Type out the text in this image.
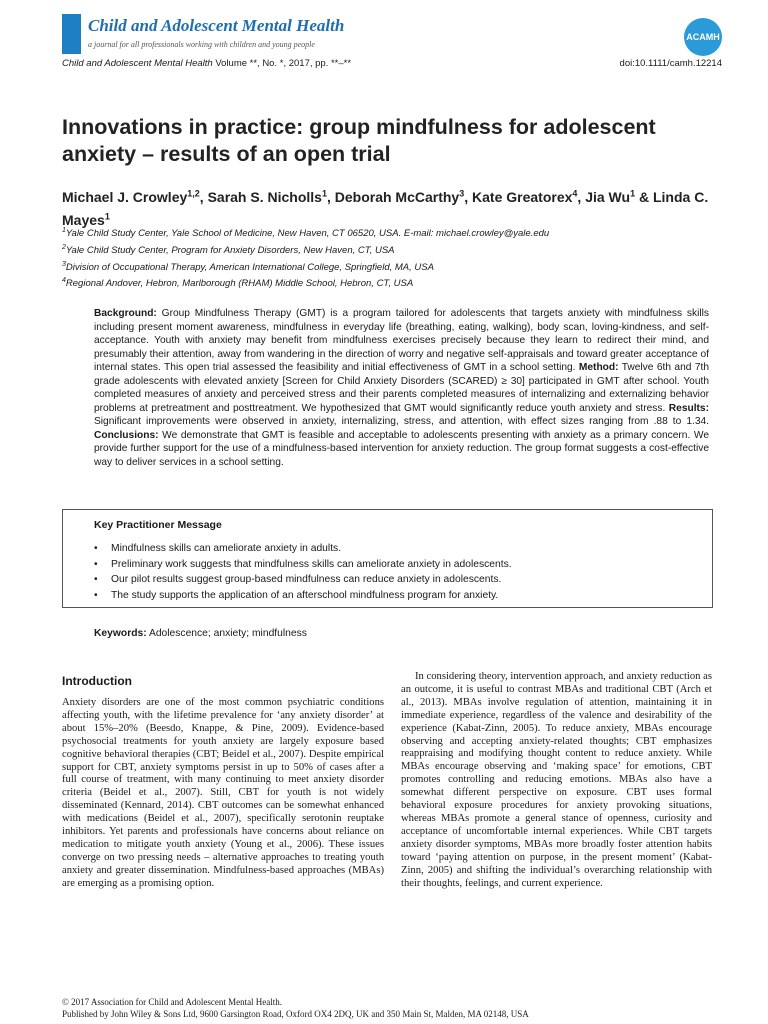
Child and Adolescent Mental Health
a journal for all professionals working with children and young people
ACAMH
Child and Adolescent Mental Health Volume **, No. *, 2017, pp. **–**	doi:10.1111/camh.12214
Innovations in practice: group mindfulness for adolescent anxiety – results of an open trial
Michael J. Crowley$^{1,2}$, Sarah S. Nicholls$^1$, Deborah McCarthy$^3$, Kate Greatorex$^4$, Jia Wu$^1$ & Linda C. Mayes$^1$
$^1$Yale Child Study Center, Yale School of Medicine, New Haven, CT 06520, USA. E-mail: michael.crowley@yale.edu
$^2$Yale Child Study Center, Program for Anxiety Disorders, New Haven, CT, USA
$^3$Division of Occupational Therapy, American International College, Springfield, MA, USA
$^4$Regional Andover, Hebron, Marlborough (RHAM) Middle School, Hebron, CT, USA
Background: Group Mindfulness Therapy (GMT) is a program tailored for adolescents that targets anxiety with mindfulness skills including present moment awareness, mindfulness in everyday life (breathing, eating, walking), body scan, loving-kindness, and self-acceptance. Youth with anxiety may benefit from mindfulness exercises precisely because they learn to redirect their mind, and presumably their attention, away from wandering in the direction of worry and negative self-appraisals and toward greater acceptance of internal states. This open trial assessed the feasibility and initial effectiveness of GMT in a school setting. Method: Twelve 6th and 7th grade adolescents with elevated anxiety [Screen for Child Anxiety Disorders (SCARED) ≥ 30] participated in GMT after school. Youth completed measures of anxiety and perceived stress and their parents completed measures of internalizing and externalizing behavior problems at pretreatment and posttreatment. We hypothesized that GMT would significantly reduce youth anxiety and stress. Results: Significant improvements were observed in anxiety, internalizing, stress, and attention, with effect sizes ranging from .88 to 1.34. Conclusions: We demonstrate that GMT is feasible and acceptable to adolescents presenting with anxiety as a primary concern. We provide further support for the use of a mindfulness-based intervention for anxiety reduction. The group format suggests a cost-effective way to deliver services in a school setting.
Key Practitioner Message
• Mindfulness skills can ameliorate anxiety in adults.
• Preliminary work suggests that mindfulness skills can ameliorate anxiety in adolescents.
• Our pilot results suggest group-based mindfulness can reduce anxiety in adolescents.
• The study supports the application of an afterschool mindfulness program for anxiety.
Keywords: Adolescence; anxiety; mindfulness
Introduction
Anxiety disorders are one of the most common psychiatric conditions affecting youth, with the lifetime prevalence for ‘any anxiety disorder’ at about 15%–20% (Beesdo, Knappe, & Pine, 2009). Evidence-based psychosocial treatments for youth anxiety are largely exposure based cognitive behavioral therapies (CBT; Beidel et al., 2007). Despite empirical support for CBT, anxiety symptoms persist in up to 50% of cases after a full course of treatment, with many continuing to meet anxiety disorder criteria (Beidel et al., 2007). Still, CBT for youth is not widely disseminated (Kennard, 2014). CBT outcomes can be somewhat enhanced with medications (Beidel et al., 2007), specifically serotonin reuptake inhibitors. Yet parents and professionals have concerns about reliance on medication to mitigate youth anxiety (Young et al., 2006). These issues converge on two pressing needs – alternative approaches to treating youth anxiety and greater dissemination. Mindfulness-based approaches (MBAs) are emerging as a promising option.
In considering theory, intervention approach, and anxiety reduction as an outcome, it is useful to contrast MBAs and traditional CBT (Arch et al., 2013). MBAs involve regulation of attention, maintaining it in immediate experience, regardless of the valence and desirability of the experience (Kabat-Zinn, 2005). To reduce anxiety, MBAs encourage observing and accepting anxiety-related thoughts; CBT emphasizes reappraising and modifying thought content to reduce anxiety. While MBAs encourage observing and ‘making space’ for emotions, CBT promotes controlling and reducing emotions. MBAs also have a somewhat different perspective on exposure. CBT uses formal behavioral exposure procedures for anxiety provoking situations, whereas MBAs promote a general stance of openness, curiosity and acceptance of uncomfortable internal experiences. While CBT targets anxiety disorder symptoms, MBAs more broadly foster attention habits toward ‘paying attention on purpose, in the present moment’ (Kabat-Zinn, 2005) and shifting the individual’s overarching relationship with their thoughts, feelings, and current experience.
© 2017 Association for Child and Adolescent Mental Health.
Published by John Wiley & Sons Ltd, 9600 Garsington Road, Oxford OX4 2DQ, UK and 350 Main St, Malden, MA 02148, USA
